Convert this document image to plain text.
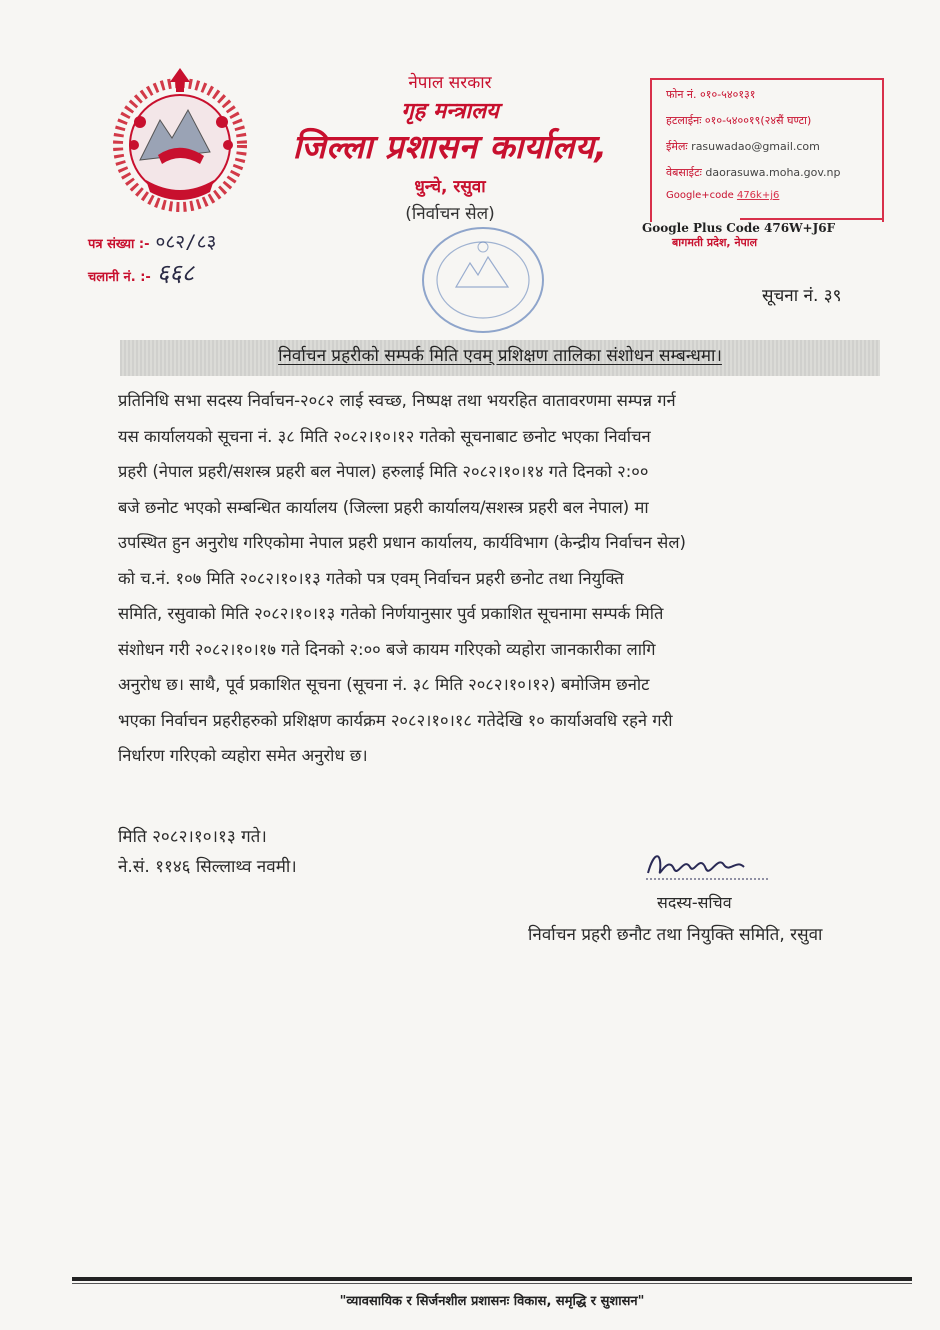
नेपाल सरकार
गृह मन्त्रालय
जिल्ला प्रशासन कार्यालय,
धुन्चे, रसुवा
(निर्वाचन सेल)
फोन नं. ०१०-५४०१३१
हटलाईनः ०१०-५४००१९(२४सैं घण्टा)
ईमेलः rasuwadao@gmail.com
वेबसाईटः daorasuwa.moha.gov.np
Google+code 476k+j6
Google Plus Code 476W+J6F
बागमती प्रदेश, नेपाल
पत्र संख्या :- ०८२/८३
चलानी नं. :- ६६८
सूचना नं. ३९
निर्वाचन प्रहरीको सम्पर्क मिति एवम् प्रशिक्षण तालिका संशोधन सम्बन्धमा।
प्रतिनिधि सभा सदस्य निर्वाचन-२०८२ लाई स्वच्छ, निष्पक्ष तथा भयरहित वातावरणमा सम्पन्न गर्न
यस कार्यालयको सूचना नं. ३८ मिति २०८२।१०।१२ गतेको सूचनाबाट छनोट भएका निर्वाचन
प्रहरी (नेपाल प्रहरी/सशस्त्र प्रहरी बल नेपाल) हरुलाई मिति २०८२।१०।१४ गते दिनको २:००
बजे छनोट भएको सम्बन्धित कार्यालय (जिल्ला प्रहरी कार्यालय/सशस्त्र प्रहरी बल नेपाल) मा
उपस्थित हुन अनुरोध गरिएकोमा नेपाल प्रहरी प्रधान कार्यालय, कार्यविभाग (केन्द्रीय निर्वाचन सेल)
को च.नं. १०७ मिति २०८२।१०।१३ गतेको पत्र एवम् निर्वाचन प्रहरी छनोट तथा नियुक्ति
समिति, रसुवाको मिति २०८२।१०।१३ गतेको निर्णयानुसार पुर्व प्रकाशित सूचनामा सम्पर्क मिति
संशोधन गरी २०८२।१०।१७ गते दिनको २:०० बजे कायम गरिएको व्यहोरा जानकारीका लागि
अनुरोध छ। साथै, पूर्व प्रकाशित सूचना (सूचना नं. ३८ मिति २०८२।१०।१२) बमोजिम छनोट
भएका निर्वाचन प्रहरीहरुको प्रशिक्षण कार्यक्रम २०८२।१०।१८ गतेदेखि १० कार्याअवधि रहने गरी
निर्धारण गरिएको व्यहोरा समेत अनुरोध छ।
मिति २०८२।१०।१३ गते।
ने.सं. ११४६ सिल्लाथ्व नवमी।
सदस्य-सचिव
निर्वाचन प्रहरी छनौट तथा नियुक्ति समिति, रसुवा
"व्यावसायिक र सिर्जनशील प्रशासनः विकास, समृद्धि र सुशासन"
